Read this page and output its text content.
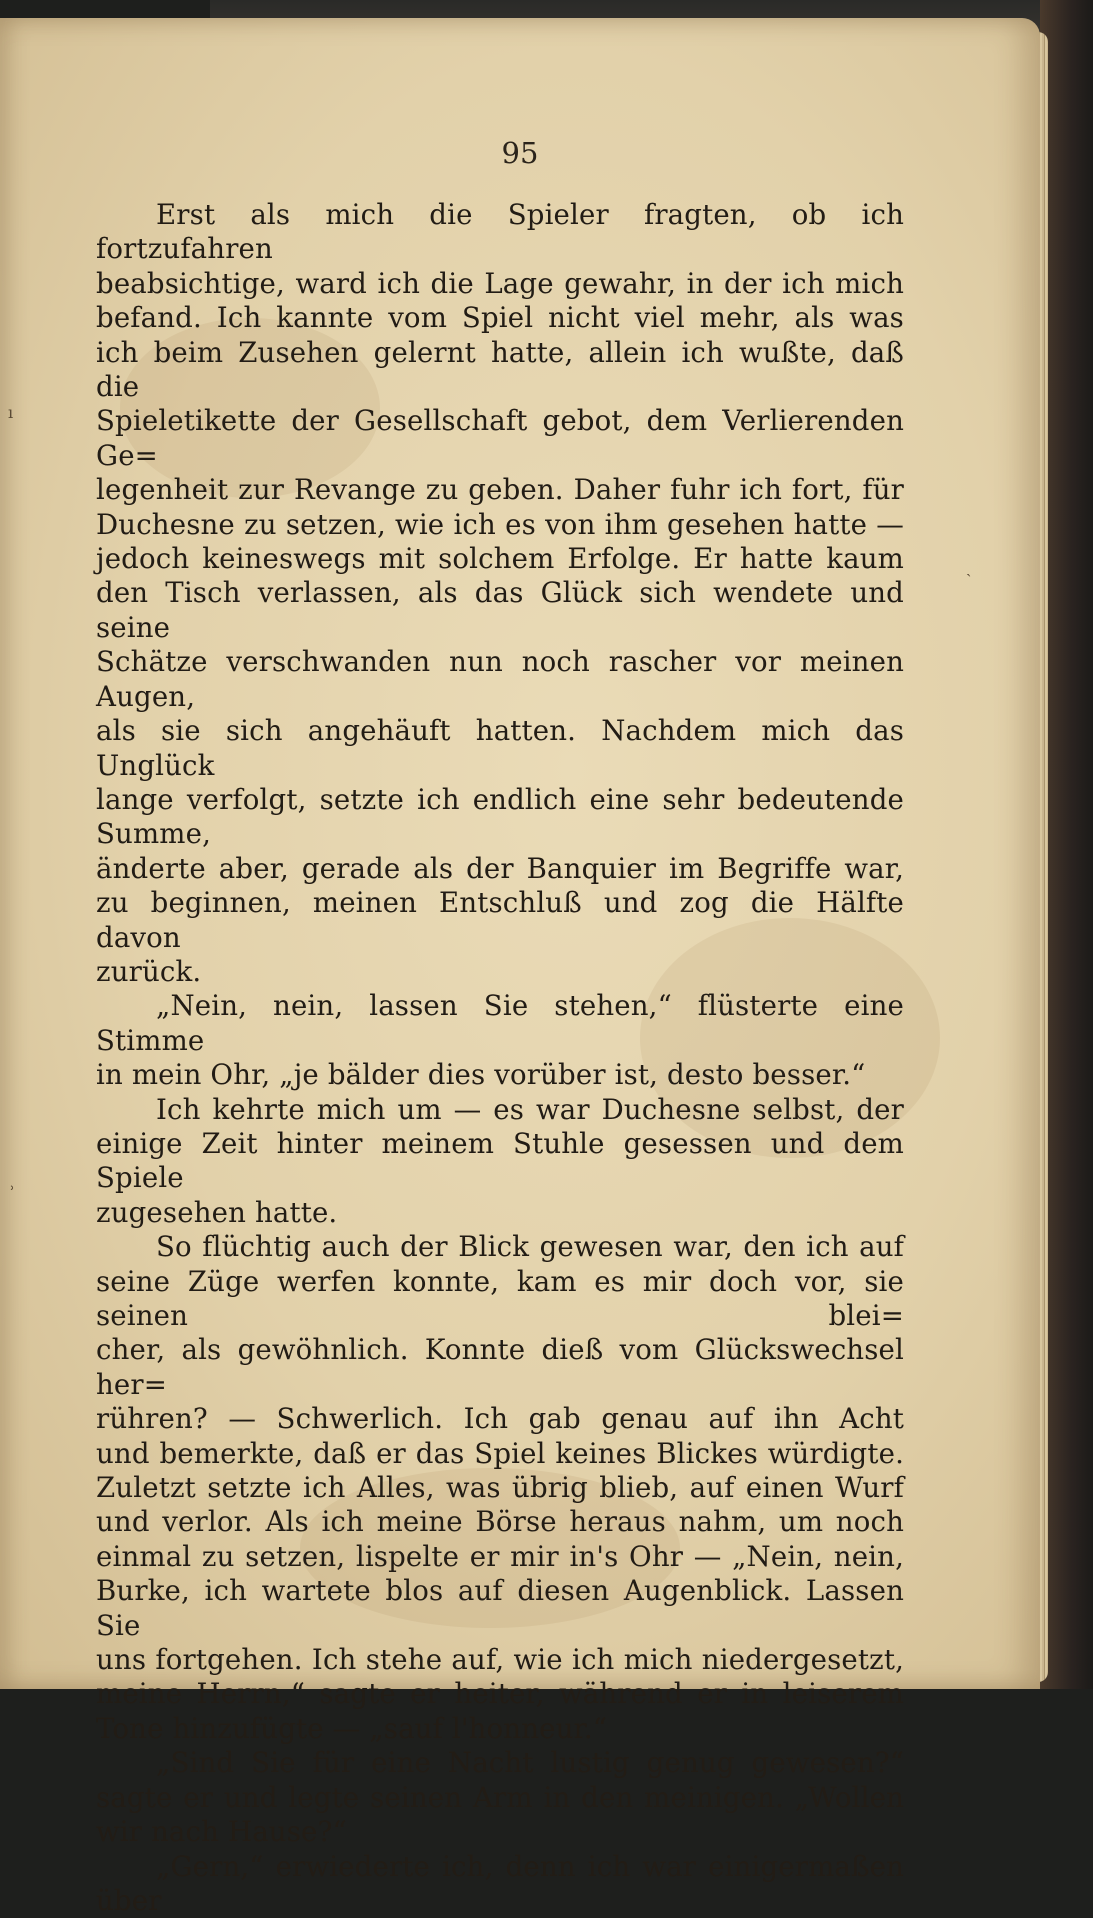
95

Erst als mich die Spieler fragten, ob ich fortzufahren

beabsichtige, ward ich die Lage gewahr, in der ich mich

befand. Ich kannte vom Spiel nicht viel mehr, als was

ich beim Zusehen gelernt hatte, allein ich wußte, daß die

Spieletikette der Gesellschaft gebot, dem Verlierenden Ge=

legenheit zur Revange zu geben. Daher fuhr ich fort, für

Duchesne zu setzen, wie ich es von ihm gesehen hatte —

jedoch keineswegs mit solchem Erfolge. Er hatte kaum

den Tisch verlassen, als das Glück sich wendete und seine

Schätze verschwanden nun noch rascher vor meinen Augen,

als sie sich angehäuft hatten. Nachdem mich das Unglück

lange verfolgt, setzte ich endlich eine sehr bedeutende Summe,

änderte aber, gerade als der Banquier im Begriffe war,

zu beginnen, meinen Entschluß und zog die Hälfte davon

zurück.

„Nein, nein, lassen Sie stehen,“ flüsterte eine Stimme

in mein Ohr, „je bälder dies vorüber ist, desto besser.“

Ich kehrte mich um — es war Duchesne selbst, der

einige Zeit hinter meinem Stuhle gesessen und dem Spiele

zugesehen hatte.

So flüchtig auch der Blick gewesen war, den ich auf

seine Züge werfen konnte, kam es mir doch vor, sie seinen blei=

cher, als gewöhnlich. Konnte dieß vom Glückswechsel her=

rühren? — Schwerlich. Ich gab genau auf ihn Acht

und bemerkte, daß er das Spiel keines Blickes würdigte.

Zuletzt setzte ich Alles, was übrig blieb, auf einen Wurf

und verlor. Als ich meine Börse heraus nahm, um noch

einmal zu setzen, lispelte er mir in's Ohr — „Nein, nein,

Burke, ich wartete blos auf diesen Augenblick. Lassen Sie

uns fortgehen. Ich stehe auf, wie ich mich niedergesetzt,

meine Herrn,“ sagte er heiter, während er in leiserem

Tone hinzufügte — „sauf l'honneur.“

„Sind Sie für eine Nacht lustig genug gewesen?“

sagte er und legte seinen Arm in den meinigen. „Wollen

wir nach Hause?“

„Gern,“ erwiederte ich, denn ich war einigermaßen über

ı
ˏ
ʾ
